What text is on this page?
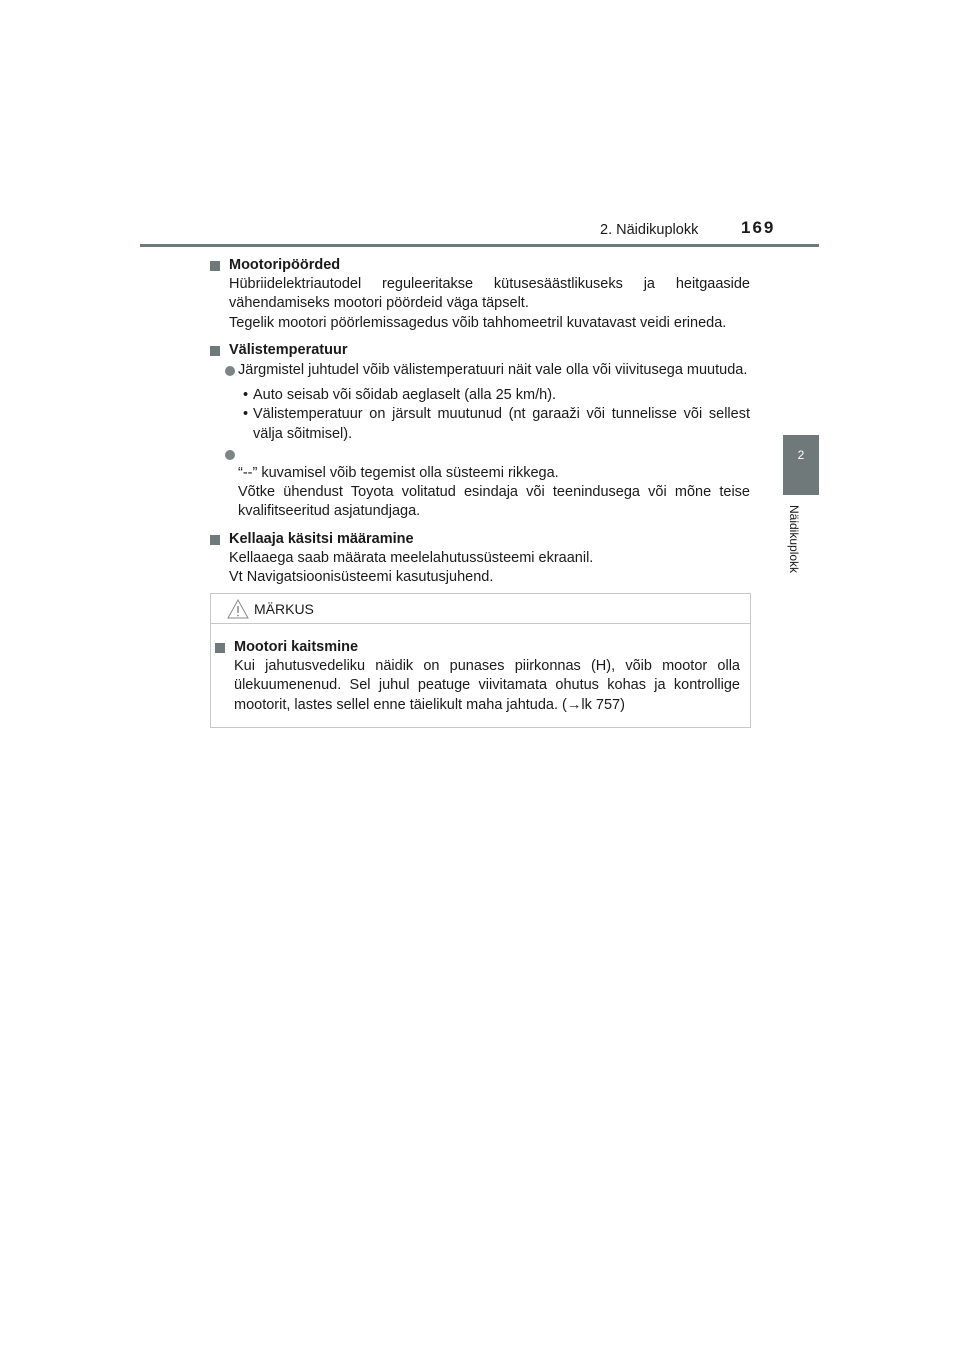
2. Näidikuplokk	169
2
Näidikuplokk
Mootoripöörded
Hübriidelektriautodel reguleeritakse kütusesäästlikuseks ja heitgaaside vähendamiseks mootori pöördeid väga täpselt.
Tegelik mootori pöörlemissagedus võib tahhomeetril kuvatavast veidi erineda.
Välistemperatuur
Järgmistel juhtudel võib välistemperatuuri näit vale olla või viivitusega muutuda.
• Auto seisab või sõidab aeglaselt (alla 25 km/h).
• Välistemperatuur on järsult muutunud (nt garaaži või tunnelisse või sellest välja sõitmisel).

“--” kuvamisel võib tegemist olla süsteemi rikkega.
Võtke ühendust Toyota volitatud esindaja või teenindusega või mõne teise kvalifitseeritud asjatundjaga.

Kellaaja käsitsi määramine
Kellaaega saab määrata meelelahutussüsteemi ekraanil.
Vt Navigatsioonisüsteemi kasutusjuhend.
MÄRKUS
Mootori kaitsmine
Kui jahutusvedeliku näidik on punases piirkonnas (H), võib mootor olla ülekuumenenud. Sel juhul peatuge viivitamata ohutus kohas ja kontrollige mootorit, lastes sellel enne täielikult maha jahtuda. (→lk 757)
